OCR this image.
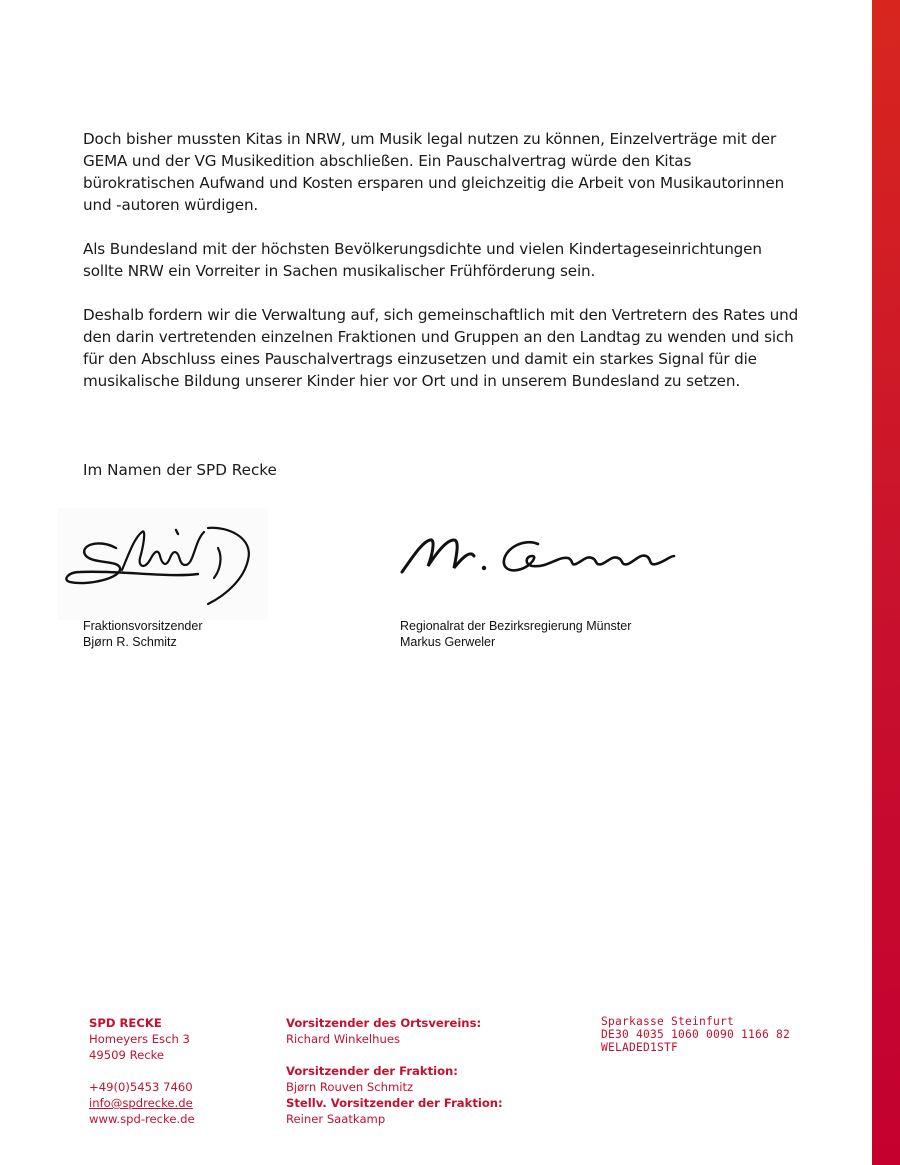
Doch bisher mussten Kitas in NRW, um Musik legal nutzen zu können, Einzelverträge mit der GEMA und der VG Musikedition abschließen. Ein Pauschalvertrag würde den Kitas bürokratischen Aufwand und Kosten ersparen und gleichzeitig die Arbeit von Musikautorinnen und -autoren würdigen.

Als Bundesland mit der höchsten Bevölkerungsdichte und vielen Kindertageseinrichtungen sollte NRW ein Vorreiter in Sachen musikalischer Frühförderung sein.

Deshalb fordern wir die Verwaltung auf, sich gemeinschaftlich mit den Vertretern des Rates und den darin vertretenden einzelnen Fraktionen und Gruppen an den Landtag zu wenden und sich für den Abschluss eines Pauschalvertrags einzusetzen und damit ein starkes Signal für die musikalische Bildung unserer Kinder hier vor Ort und in unserem Bundesland zu setzen.

Im Namen der SPD Recke
Fraktionsvorsitzender
Bjørn R. Schmitz
Regionalrat der Bezirksregierung Münster
Markus Gerweler
SPD RECKE
Homeyers Esch 3
49509 Recke
+49(0)5453 7460
info@spdrecke.de
www.spd-recke.de
Vorsitzender des Ortsvereins:
Richard Winkelhues
Vorsitzender der Fraktion:
Bjørn Rouven Schmitz
Stellv. Vorsitzender der Fraktion:
Reiner Saatkamp
Sparkasse Steinfurt
DE30 4035 1060 0090 1166 82
WELADED1STF
